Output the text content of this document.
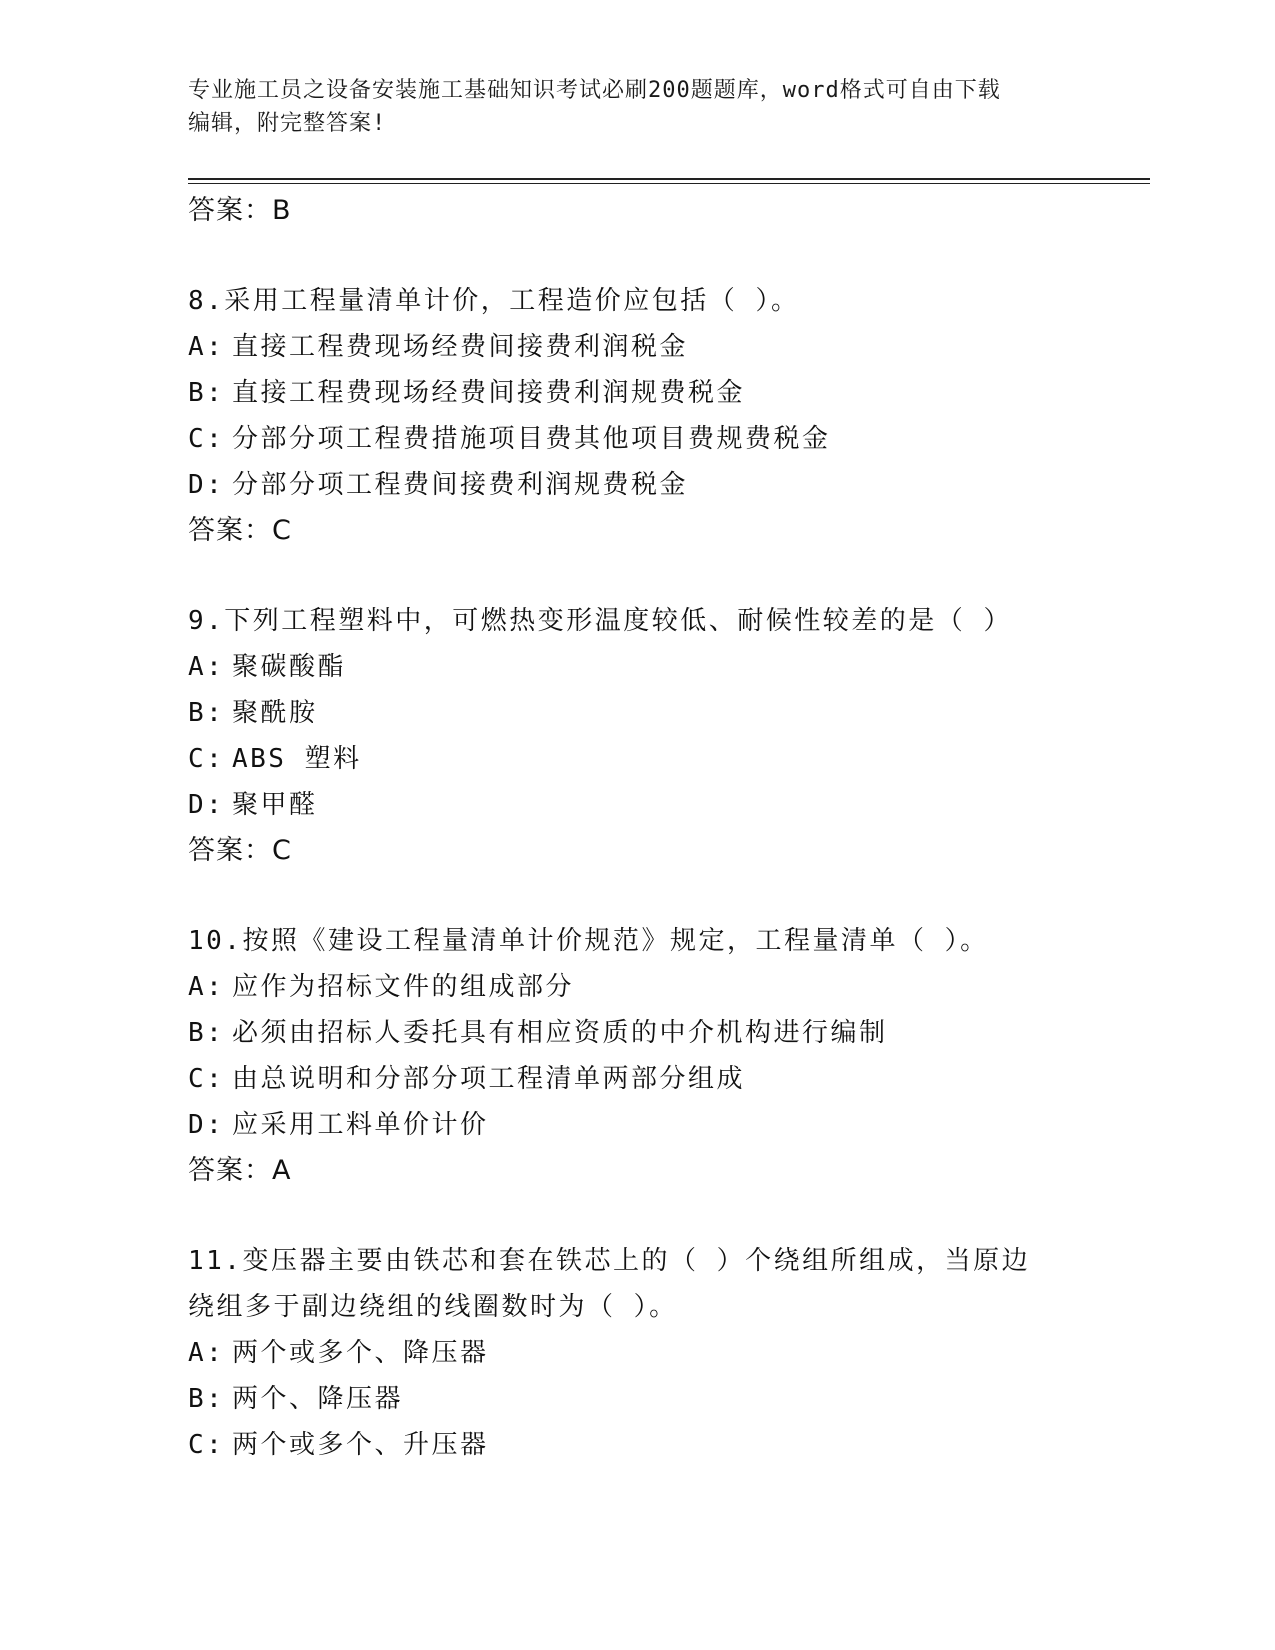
专业施工员之设备安装施工基础知识考试必刷200题题库，word格式可自由下载
编辑，附完整答案!
答案：B
8.采用工程量清单计价，工程造价应包括（ ）。
A: 直接工程费现场经费间接费利润税金
B: 直接工程费现场经费间接费利润规费税金
C: 分部分项工程费措施项目费其他项目费规费税金
D: 分部分项工程费间接费利润规费税金
答案：C
9.下列工程塑料中，可燃热变形温度较低、耐候性较差的是（ ）
A: 聚碳酸酯
B: 聚酰胺
C: ABS 塑料
D: 聚甲醛
答案：C
10.按照《建设工程量清单计价规范》规定，工程量清单（ ）。
A: 应作为招标文件的组成部分
B: 必须由招标人委托具有相应资质的中介机构进行编制
C: 由总说明和分部分项工程清单两部分组成
D: 应采用工料单价计价
答案：A
11.变压器主要由铁芯和套在铁芯上的（ ）个绕组所组成，当原边绕组多于副边绕组的线圈数时为（ ）。
A: 两个或多个、降压器
B: 两个、降压器
C: 两个或多个、升压器
